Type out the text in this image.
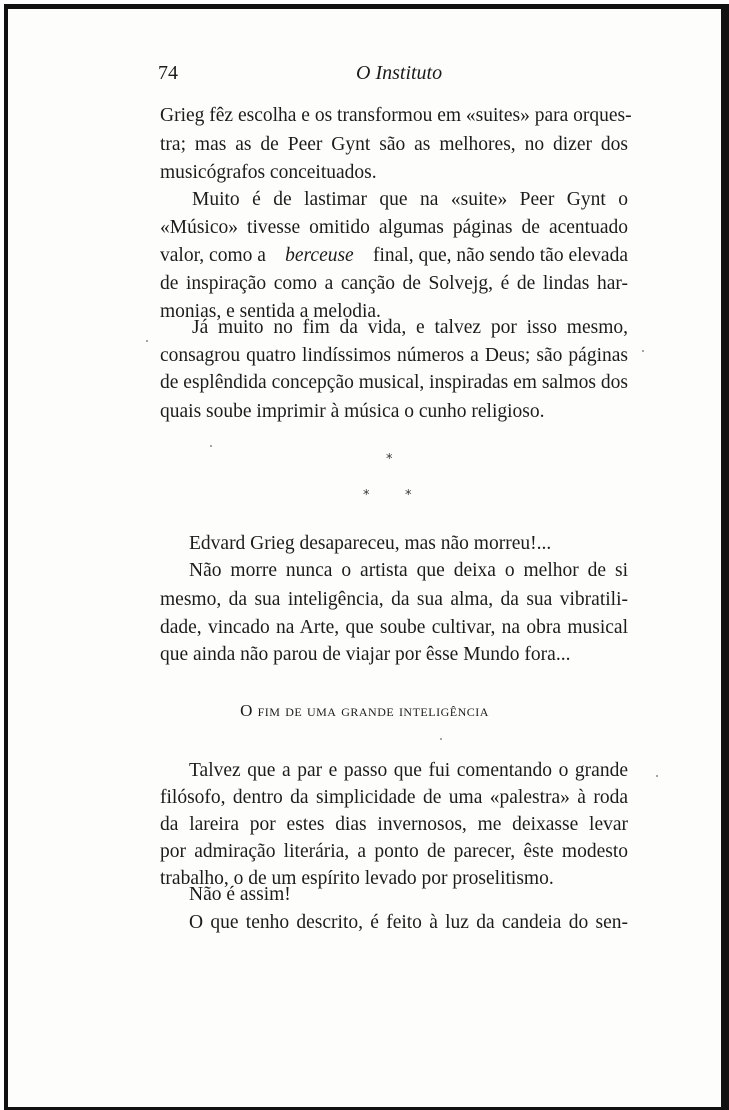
74	O Instituto
Grieg fêz escolha e os transformou em «suites» para orques-
tra; mas as de Peer Gynt são as melhores, no dizer dos
musicógrafos conceituados.
Muito é de lastimar que na «suite» Peer Gynt o
«Músico» tivesse omitido algumas páginas de acentuado
valor, como a berceuse final, que, não sendo tão elevada
de inspiração como a canção de Solvejg, é de lindas har-
monias, e sentida a melodia.
Já muito no fim da vida, e talvez por isso mesmo,
consagrou quatro lindíssimos números a Deus; são páginas
de esplêndida concepção musical, inspiradas em salmos dos
quais soube imprimir à música o cunho religioso.
*
*	*
Edvard Grieg desapareceu, mas não morreu!...
Não morre nunca o artista que deixa o melhor de si
mesmo, da sua inteligência, da sua alma, da sua vibratili-
dade, vincado na Arte, que soube cultivar, na obra musical
que ainda não parou de viajar por êsse Mundo fora...
O fim de uma grande inteligência
Talvez que a par e passo que fui comentando o grande
filósofo, dentro da simplicidade de uma «palestra» à roda
da lareira por estes dias invernosos, me deixasse levar
por admiração literária, a ponto de parecer, êste modesto
trabalho, o de um espírito levado por proselitismo.
Não é assim!
O que tenho descrito, é feito à luz da candeia do sen-
